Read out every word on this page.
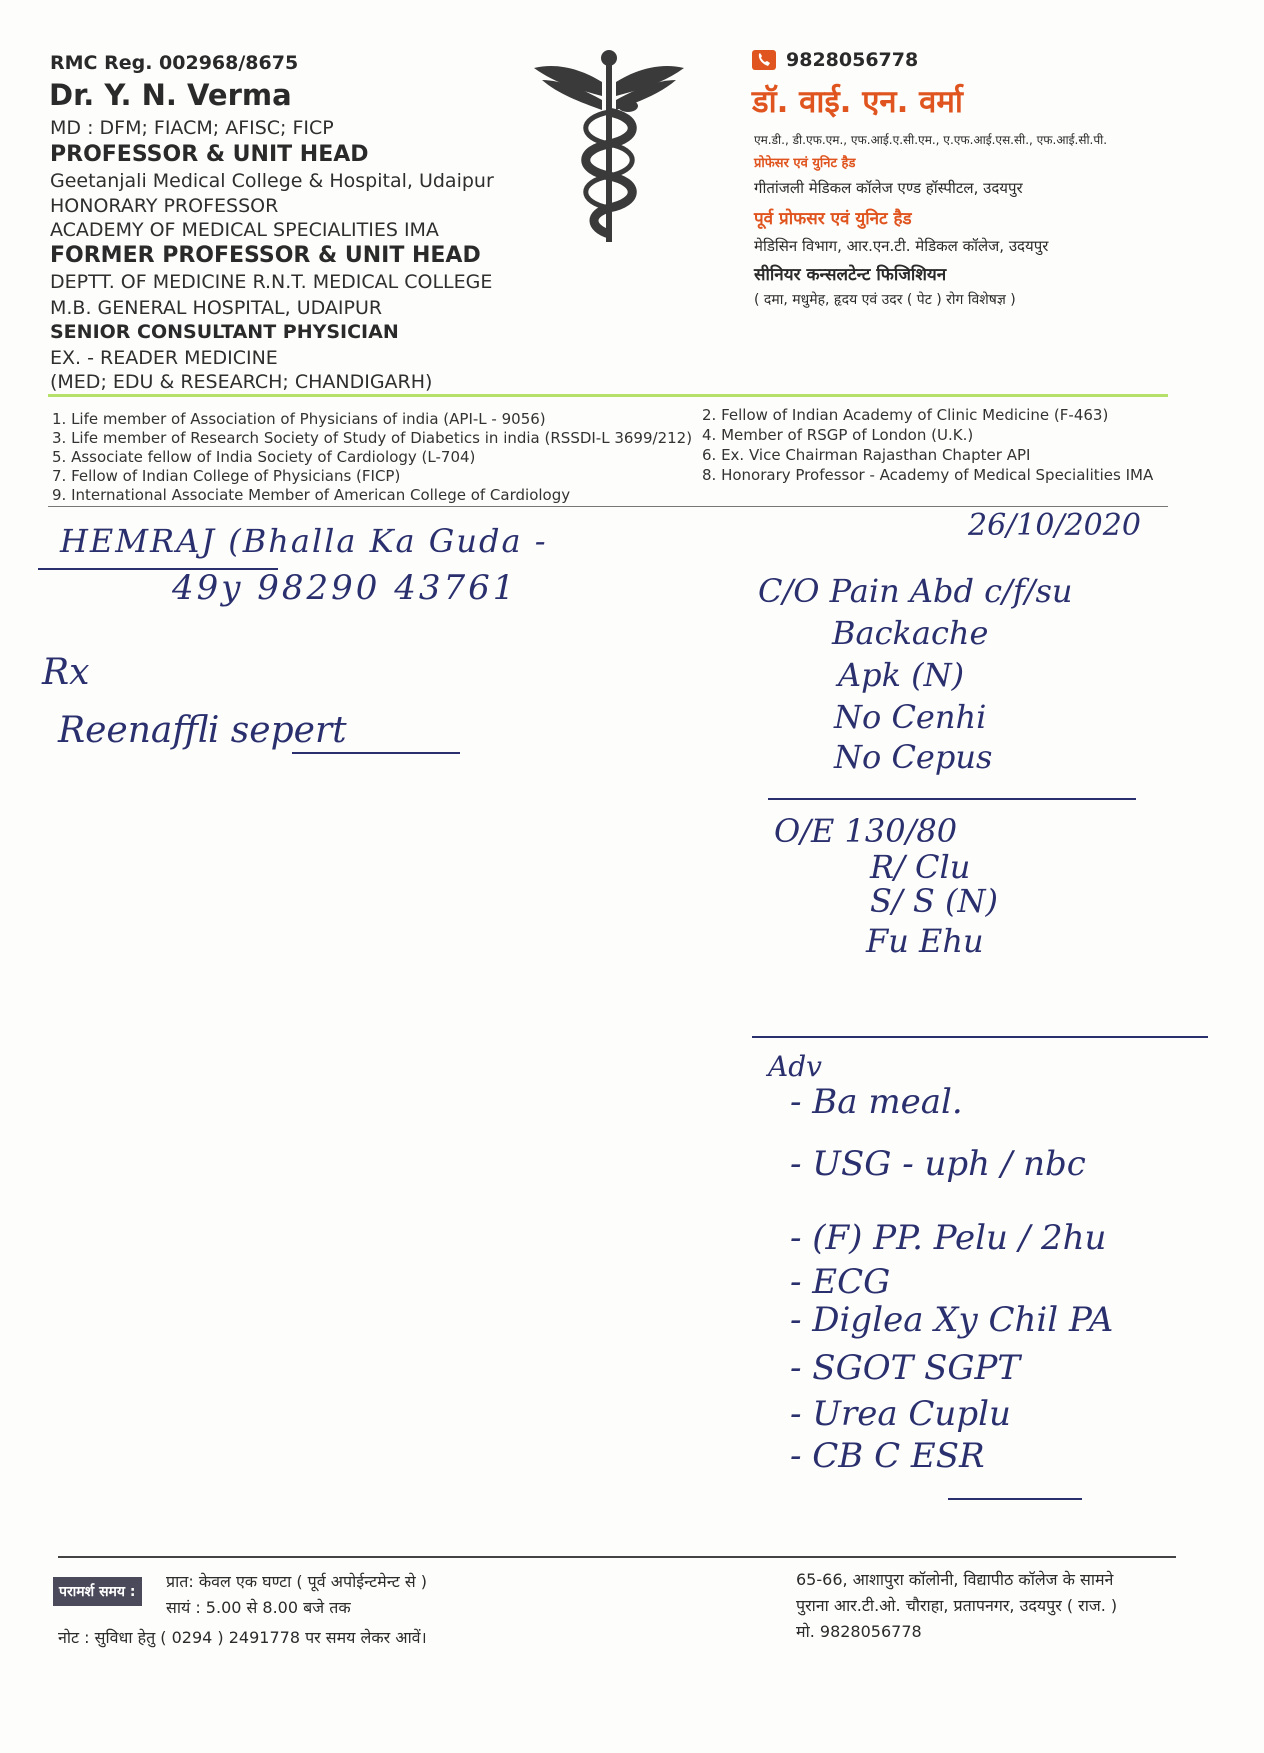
RMC Reg. 002968/8675
Dr. Y. N. Verma
MD : DFM; FIACM; AFISC; FICP
PROFESSOR & UNIT HEAD
Geetanjali Medical College & Hospital, Udaipur
HONORARY PROFESSOR
ACADEMY OF MEDICAL SPECIALITIES IMA
FORMER PROFESSOR & UNIT HEAD
DEPTT. OF MEDICINE R.N.T. MEDICAL COLLEGE
M.B. GENERAL HOSPITAL, UDAIPUR
SENIOR CONSULTANT PHYSICIAN
EX. - READER MEDICINE
(MED; EDU & RESEARCH; CHANDIGARH)
9828056778
डॉ. वाई. एन. वर्मा
एम.डी., डी.एफ.एम., एफ.आई.ए.सी.एम., ए.एफ.आई.एस.सी., एफ.आई.सी.पी.
प्रोफेसर एवं युनिट हैड
गीतांजली मेडिकल कॉलेज एण्ड हॉस्पीटल, उदयपुर
पूर्व प्रोफसर एवं युनिट हैड
मेडिसिन विभाग, आर.एन.टी. मेडिकल कॉलेज, उदयपुर
सीनियर कन्सलटेन्ट फिजिशियन
( दमा, मधुमेह, हृदय एवं उदर ( पेट ) रोग विशेषज्ञ )
1. Life member of Association of Physicians of india (API-L - 9056)
3. Life member of Research Society of Study of Diabetics in india (RSSDI-L 3699/212)
5. Associate fellow of India Society of Cardiology (L-704)
7. Fellow of Indian College of Physicians (FICP)
9. International Associate Member of American College of Cardiology
2. Fellow of Indian Academy of Clinic Medicine (F-463)
4. Member of RSGP of London (U.K.)
6. Ex. Vice Chairman Rajasthan Chapter API
8. Honorary Professor - Academy of Medical Specialities IMA
HEMRAJ (Bhalla Ka Guda -
49y 98290 43761
26/10/2020
Rx
Reenaffli sepert
C/O Pain Abd c/f/su
Backache
Apk (N)
No Cenhi
No Cepus
O/E 130/80
R/ Clu
S/ S (N)
Fu Ehu
Adv
- Ba meal.
- USG - uph / nbc
- (F) PP. Pelu / 2hu
- ECG
- Diglea Xy Chil PA
- SGOT SGPT
- Urea Cuplu
- CB C ESR
परामर्श समय :
प्रात: केवल एक घण्टा ( पूर्व अपोईन्टमेन्ट से )
सायं : 5.00 से 8.00 बजे तक
नोट : सुविधा हेतु ( 0294 ) 2491778 पर समय लेकर आवें।
65-66, आशापुरा कॉलोनी, विद्यापीठ कॉलेज के सामने
पुराना आर.टी.ओ. चौराहा, प्रतापनगर, उदयपुर ( राज. )
मो. 9828056778
